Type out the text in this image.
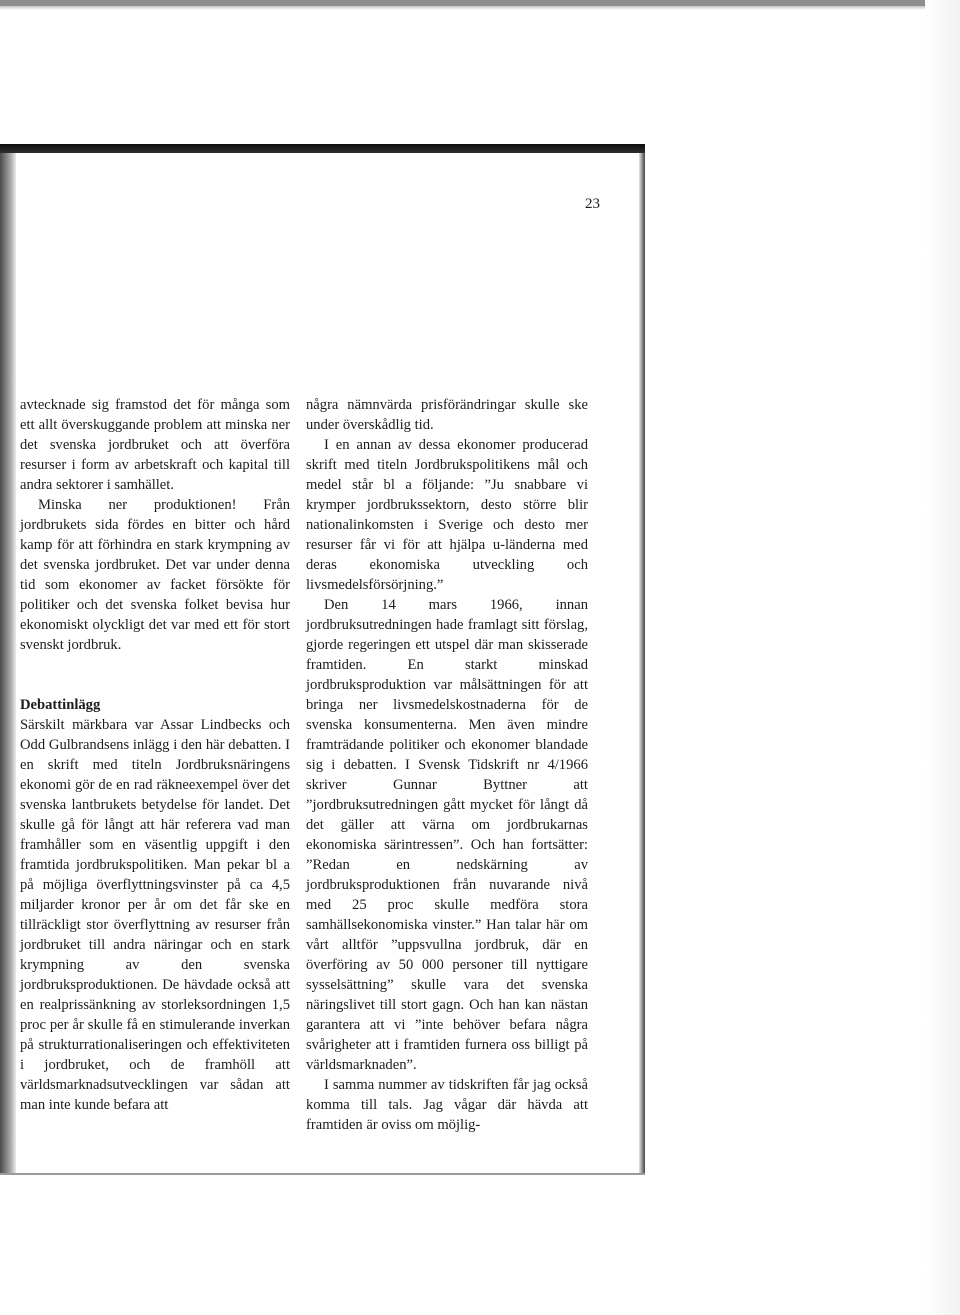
23

avtecknade sig framstod det för många som ett allt överskuggande problem att minska ner det svenska jordbruket och att överföra resurser i form av arbetskraft och kapital till andra sektorer i samhället.

Minska ner produktionen! Från jordbrukets sida fördes en bitter och hård kamp för att förhindra en stark krympning av det svenska jordbruket. Det var under denna tid som ekonomer av facket försökte för politiker och det svenska folket bevisa hur ekonomiskt olyckligt det var med ett för stort svenskt jordbruk.

Debattinlägg

Särskilt märkbara var Assar Lindbecks och Odd Gulbrandsens inlägg i den här debatten. I en skrift med titeln Jordbruksnäringens ekonomi gör de en rad räkneexempel över det svenska lantbrukets betydelse för landet. Det skulle gå för långt att här referera vad man framhåller som en väsentlig uppgift i den framtida jordbrukspolitiken. Man pekar bl a på möjliga överflyttningsvinster på ca 4,5 miljarder kronor per år om det får ske en tillräckligt stor överflyttning av resurser från jordbruket till andra näringar och en stark krympning av den svenska jordbruksproduktionen. De hävdade också att en realprissänkning av storleksordningen 1,5 proc per år skulle få en stimulerande inverkan på strukturrationaliseringen och effektiviteten i jordbruket, och de framhöll att världsmarknadsutvecklingen var sådan att man inte kunde befara att

några nämnvärda prisförändringar skulle ske under överskådlig tid.

I en annan av dessa ekonomer producerad skrift med titeln Jordbrukspolitikens mål och medel står bl a följande: ”Ju snabbare vi krymper jordbrukssektorn, desto större blir nationalinkomsten i Sverige och desto mer resurser får vi för att hjälpa u-länderna med deras ekonomiska utveckling och livsmedelsförsörjning.”

Den 14 mars 1966, innan jordbruksutredningen hade framlagt sitt förslag, gjorde regeringen ett utspel där man skisserade framtiden. En starkt minskad jordbruksproduktion var målsättningen för att bringa ner livsmedelskostnaderna för de svenska konsumenterna. Men även mindre framträdande politiker och ekonomer blandade sig i debatten. I Svensk Tidskrift nr 4/1966 skriver Gunnar Byttner att ”jordbruksutredningen gått mycket för långt då det gäller att värna om jordbrukarnas ekonomiska särintressen”. Och han fortsätter: ”Redan en nedskärning av jordbruksproduktionen från nuvarande nivå med 25 proc skulle medföra stora samhällsekonomiska vinster.” Han talar här om vårt alltför ”uppsvullna jordbruk, där en överföring av 50 000 personer till nyttigare sysselsättning” skulle vara det svenska näringslivet till stort gagn. Och han kan nästan garantera att vi ”inte behöver befara några svårigheter att i framtiden furnera oss billigt på världsmarknaden”.

I samma nummer av tidskriften får jag också komma till tals. Jag vågar där hävda att framtiden är oviss om möjlig-
